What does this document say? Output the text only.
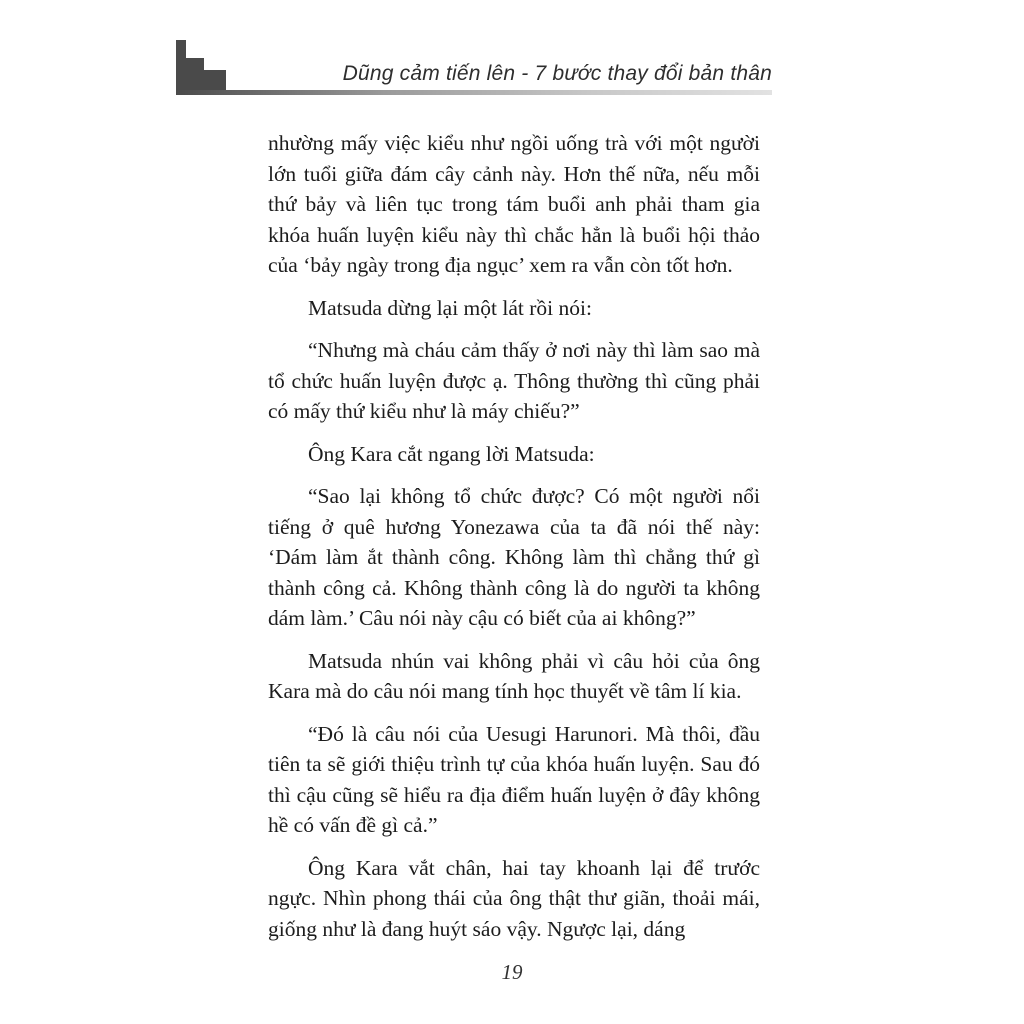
Dũng cảm tiến lên - 7 bước thay đổi bản thân

nhường mấy việc kiểu như ngồi uống trà với một người lớn tuổi giữa đám cây cảnh này. Hơn thế nữa, nếu mỗi thứ bảy và liên tục trong tám buổi anh phải tham gia khóa huấn luyện kiểu này thì chắc hẳn là buổi hội thảo của ‘bảy ngày trong địa ngục’ xem ra vẫn còn tốt hơn.

Matsuda dừng lại một lát rồi nói:

“Nhưng mà cháu cảm thấy ở nơi này thì làm sao mà tổ chức huấn luyện được ạ. Thông thường thì cũng phải có mấy thứ kiểu như là máy chiếu?”

Ông Kara cắt ngang lời Matsuda:

“Sao lại không tổ chức được? Có một người nổi tiếng ở quê hương Yonezawa của ta đã nói thế này: ‘Dám làm ắt thành công. Không làm thì chẳng thứ gì thành công cả. Không thành công là do người ta không dám làm.’ Câu nói này cậu có biết của ai không?”

Matsuda nhún vai không phải vì câu hỏi của ông Kara mà do câu nói mang tính học thuyết về tâm lí kia.

“Đó là câu nói của Uesugi Harunori. Mà thôi, đầu tiên ta sẽ giới thiệu trình tự của khóa huấn luyện. Sau đó thì cậu cũng sẽ hiểu ra địa điểm huấn luyện ở đây không hề có vấn đề gì cả.”

Ông Kara vắt chân, hai tay khoanh lại để trước ngực. Nhìn phong thái của ông thật thư giãn, thoải mái, giống như là đang huýt sáo vậy. Ngược lại, dáng

19
